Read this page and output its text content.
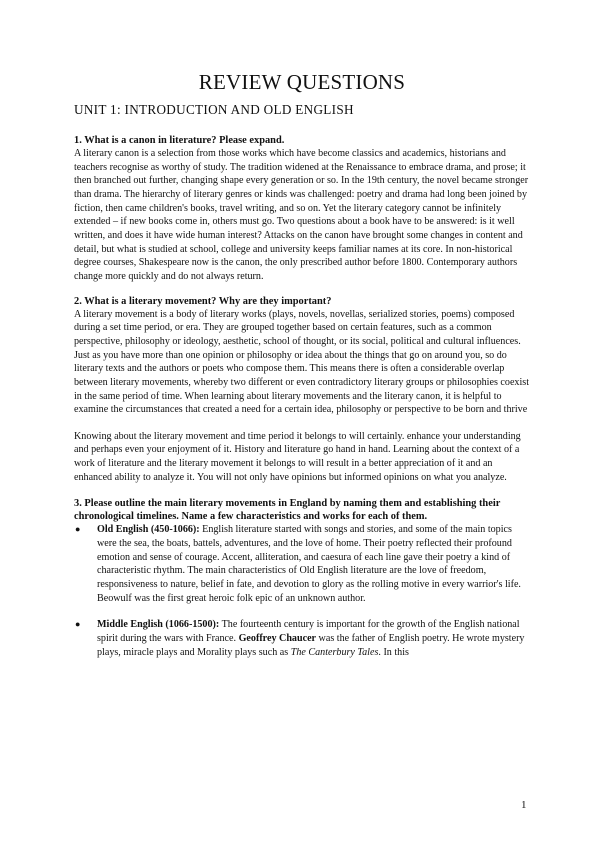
REVIEW QUESTIONS
UNIT 1: INTRODUCTION AND OLD ENGLISH

1. What is a canon in literature? Please expand.

A literary canon is a selection from those works which have become classics and academics, historians and teachers recognise as worthy of study. The tradition widened at the Renaissance to embrace drama, and prose; it then branched out further, changing shape every generation or so. In the 19th century, the novel became stronger than drama. The hierarchy of literary genres or kinds was challenged: poetry and drama had long been joined by fiction, then came children's books, travel writing, and so on. Yet the literary category cannot be infinitely extended – if new books come in, others must go. Two questions about a book have to be answered: is it well written, and does it have wide human interest? Attacks on the canon have brought some changes in content and detail, but what is studied at school, college and university keeps familiar names at its core. In non-historical degree courses, Shakespeare now is the canon, the only prescribed author before 1800. Contemporary authors change more quickly and do not always return.

2. What is a literary movement? Why are they important?

A literary movement is a body of literary works (plays, novels, novellas, serialized stories, poems) composed during a set time period, or era. They are grouped together based on certain features, such as a common perspective, philosophy or ideology, aesthetic, school of thought, or its social, political and cultural influences. Just as you have more than one opinion or philosophy or idea about the things that go on around you, so do literary texts and the authors or poets who compose them. This means there is often a considerable overlap between literary movements, whereby two different or even contradictory literary groups or philosophies coexist in the same period of time. When learning about literary movements and the literary canon, it is helpful to examine the circumstances that created a need for a certain idea, philosophy or perspective to be born and thrive

Knowing about the literary movement and time period it belongs to will certainly. enhance your understanding and perhaps even your enjoyment of it. History and literature go hand in hand. Learning about the context of a work of literature and the literary movement it belongs to will result in a better appreciation of it and an enhanced ability to analyze it. You will not only have opinions but informed opinions on what you analyze.

3. Please outline the main literary movements in England by naming them and establishing their chronological timelines. Name a few characteristics and works for each of them.

● Old English (450-1066): English literature started with songs and stories, and some of the main topics were the sea, the boats, battels, adventures, and the love of home. Their poetry reflected their profound emotion and sense of courage. Accent, alliteration, and caesura of each line gave their poetry a kind of characteristic rhythm. The main characteristics of Old English literature are the love of freedom, responsiveness to nature, belief in fate, and devotion to glory as the rolling motive in every warrior's life. Beowulf was the first great heroic folk epic of an unknown author.
● Middle English (1066-1500): The fourteenth century is important for the growth of the English national spirit during the wars with France. Geoffrey Chaucer was the father of English poetry. He wrote mystery plays, miracle plays and Morality plays such as The Canterbury Tales. In this
1
